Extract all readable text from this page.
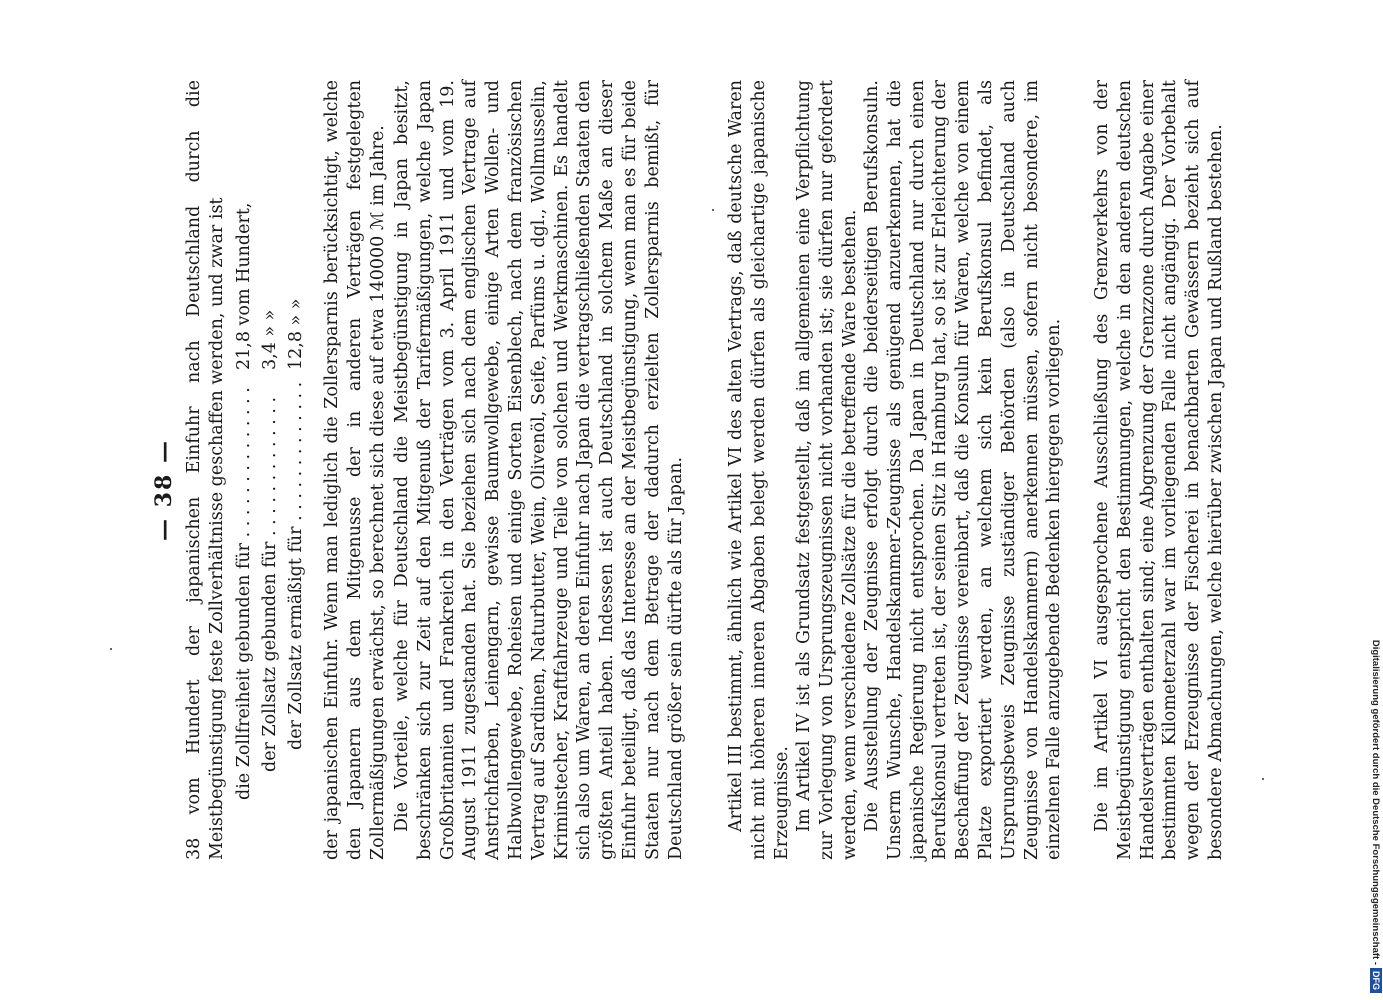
— 38 — 38 vom Hundert der japanischen Einfuhr nach Deutschland durch die Meistbegünstigung feste Zollverhältnisse geschaffen werden, und zwar ist die Zollfreiheit gebunden für . . . . . . . . . . . . . .
21,8 vom Hundert,
der Zollsatz gebunden für . . . . . . . . . . . . .
3,4 » »
der Zollsatz ermäßigt für . . . . . . . . . . . . .
12,8 » » der japanischen Einfuhr. Wenn man lediglich die Zollersparnis berücksichtigt, welche den Japanern aus dem Mitgenusse der in anderen Verträgen festgelegten Zollermäßigungen erwächst, so berechnet sich diese auf etwa 140000 ℳ im Jahre. Die Vorteile, welche für Deutschland die Meistbegünstigung in Japan besitzt, beschränken sich zur Zeit auf den Mitgenuß der Tarifermäßigungen, welche Japan Großbritannien und Frankreich in den Verträgen vom 3. April 1911 und vom 19. August 1911 zugestanden hat. Sie beziehen sich nach dem englischen Vertrage auf Anstrichfarben, Leinengarn, gewisse Baumwollgewebe, einige Arten Wollen- und Halbwollengewebe, Roheisen und einige Sorten Eisenblech, nach dem französischen Vertrag auf Sardinen, Naturbutter, Wein, Olivenöl, Seife, Parfüms u. dgl., Wollmusselin, Kriminstecher, Kraftfahrzeuge und Teile von solchen und Werkmaschinen. Es handelt sich also um Waren, an deren Einfuhr nach Japan die vertragschließenden Staaten den größten Anteil haben. Indessen ist auch Deutschland in solchem Maße an dieser Einfuhr beteiligt, daß das Interesse an der Meistbegünstigung, wenn man es für beide Staaten nur nach dem Betrage der dadurch erzielten Zollersparnis bemißt, für Deutschland größer sein dürfte als für Japan. Artikel III bestimmt, ähnlich wie Artikel VI des alten Vertrags, daß deutsche Waren nicht mit höheren inneren Abgaben belegt werden dürfen als gleichartige japanische Erzeugnisse. Im Artikel IV ist als Grundsatz festgestellt, daß im allgemeinen eine Verpflichtung zur Vorlegung von Ursprungszeugnissen nicht vorhanden ist; sie dürfen nur gefordert werden, wenn verschiedene Zollsätze für die betreffende Ware bestehen. Die Ausstellung der Zeugnisse erfolgt durch die beiderseitigen Berufskonsuln. Unserm Wunsche, Handelskammer-Zeugnisse als genügend anzuerkennen, hat die japanische Regierung nicht entsprochen. Da Japan in Deutschland nur durch einen Berufskonsul vertreten ist, der seinen Sitz in Hamburg hat, so ist zur Erleichterung der Beschaffung der Zeugnisse vereinbart, daß die Konsuln für Waren, welche von einem Platze exportiert werden, an welchem sich kein Berufskonsul befindet, als Ursprungsbeweis Zeugnisse zuständiger Behörden (also in Deutschland auch Zeugnisse von Handelskammern) anerkennen müssen, sofern nicht besondere, im einzelnen Falle anzugebende Bedenken hiergegen vorliegen. Die im Artikel VI ausgesprochene Ausschließung des Grenzverkehrs von der Meistbegünstigung entspricht den Bestimmungen, welche in den anderen deutschen Handelsverträgen enthalten sind; eine Abgrenzung der Grenzzone durch Angabe einer bestimmten Kilometerzahl war im vorliegenden Falle nicht angängig. Der Vorbehalt wegen der Erzeugnisse der Fischerei in benachbarten Gewässern bezieht sich auf besondere Abmachungen, welche hierüber zwischen Japan und Rußland bestehen.	Digitalisierung gefördert durch die Deutsche Forschungsgemeinschaft -DFG
